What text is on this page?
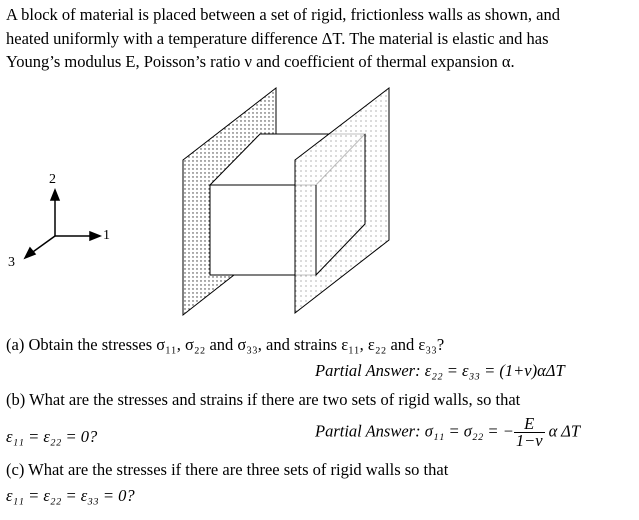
A block of material is placed between a set of rigid, frictionless walls as shown, and
heated uniformly with a temperature difference ΔT. The material is elastic and has
Young’s modulus E, Poisson’s ratio ν and coefficient of thermal expansion α.
2
1
3
(a) Obtain the stresses σ₁₁, σ₂₂ and σ₃₃, and strains ε₁₁, ε₂₂ and ε₃₃?
Partial Answer: ε₂₂ = ε₃₃ = (1+ν)αΔT
(b) What are the stresses and strains if there are two sets of rigid walls, so that
ε₁₁ = ε₂₂ = 0?	Partial Answer: σ₁₁ = σ₂₂ = − $\frac{E}{1-\nu}$ α ΔT
(c) What are the stresses if there are three sets of rigid walls so that
ε₁₁ = ε₂₂ = ε₃₃ = 0?
